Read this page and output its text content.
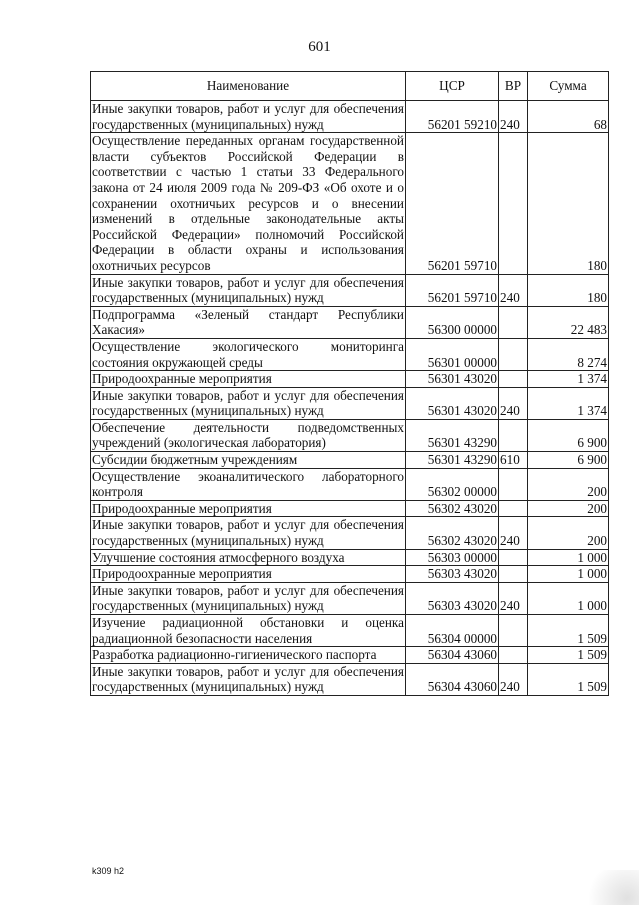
601
Наименование	ЦСР	ВР	Сумма
Иные закупки товаров, работ и услуг для обеспечения государственных (муниципальных) нужд	56201 59210	240	68
Осуществление переданных органам государственной власти субъектов Российской Федерации в соответствии с частью 1 статьи 33 Федерального закона от 24 июля 2009 года № 209-ФЗ «Об охоте и о сохранении охотничьих ресурсов и о внесении изменений в отдельные законодательные акты Российской Федерации» полномочий Российской Федерации в области охраны и использования охотничьих ресурсов	56201 59710		180
Иные закупки товаров, работ и услуг для обеспечения государственных (муниципальных) нужд	56201 59710	240	180
Подпрограмма «Зеленый стандарт Республики Хакасия»	56300 00000		22 483
Осуществление экологического мониторинга состояния окружающей среды	56301 00000		8 274
Природоохранные мероприятия	56301 43020		1 374
Иные закупки товаров, работ и услуг для обеспечения государственных (муниципальных) нужд	56301 43020	240	1 374
Обеспечение деятельности подведомственных учреждений (экологическая лаборатория)	56301 43290		6 900
Субсидии бюджетным учреждениям	56301 43290	610	6 900
Осуществление экоаналитического лабораторного контроля	56302 00000		200
Природоохранные мероприятия	56302 43020		200
Иные закупки товаров, работ и услуг для обеспечения государственных (муниципальных) нужд	56302 43020	240	200
Улучшение состояния атмосферного воздуха	56303 00000		1 000
Природоохранные мероприятия	56303 43020		1 000
Иные закупки товаров, работ и услуг для обеспечения государственных (муниципальных) нужд	56303 43020	240	1 000
Изучение радиационной обстановки и оценка радиационной безопасности населения	56304 00000		1 509
Разработка радиационно-гигиенического паспорта	56304 43060		1 509
Иные закупки товаров, работ и услуг для обеспечения государственных (муниципальных) нужд	56304 43060	240	1 509
k309 h2
